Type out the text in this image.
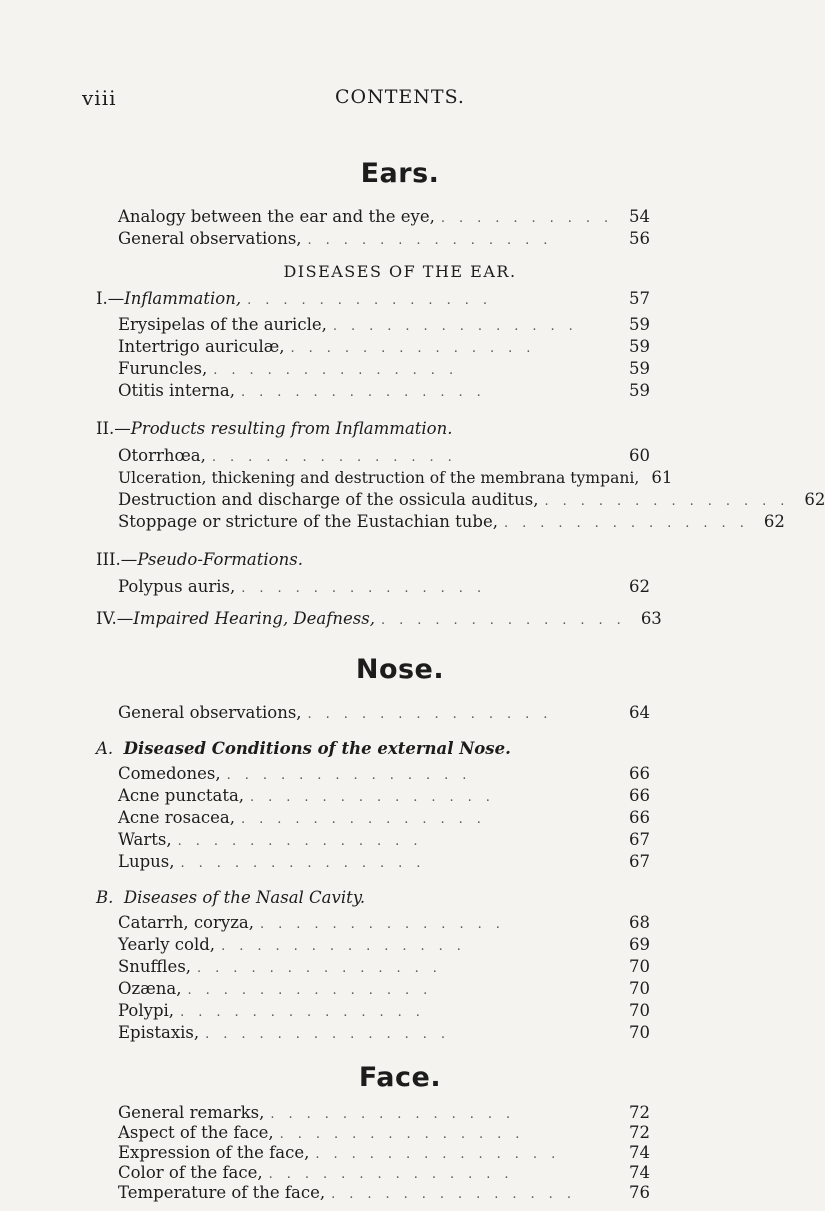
viii	CONTENTS.
Ears.
Analogy between the ear and the eye, .......... 54
General observations, ..............	56
DISEASES OF THE EAR.
I.—Inflammation, ..............	57
Erysipelas of the auricle, ..............	59
Intertrigo auriculæ, ..............	59
Furuncles, ..............	59
Otitis interna, ..............	59
II.—Products resulting from Inflammation.
Otorrhœa, ..............	60
Ulceration, thickening and destruction of the membrana tympani, 61
Destruction and discharge of the ossicula auditus, .............. 62
Stoppage or stricture of the Eustachian tube, .............. 62
III.—Pseudo-Formations.
Polypus auris, ..............	62
IV.—Impaired Hearing, Deafness, .............. 63
Nose.
General observations, ..............	64
A. Diseased Conditions of the external Nose.
Comedones, ..............	66
Acne punctata, ..............	66
Acne rosacea, ..............	66
Warts, ..............	67
Lupus, ..............	67
B. Diseases of the Nasal Cavity.
Catarrh, coryza, ..............	68
Yearly cold, ..............	69
Snuffles, ..............	70
Ozæna, ..............	70
Polypi, ..............	70
Epistaxis, ..............	70
Face.
General remarks, ..............	72
Aspect of the face, ..............	72
Expression of the face, ..............	74
Color of the face, ..............	74
Temperature of the face, ..............	76
